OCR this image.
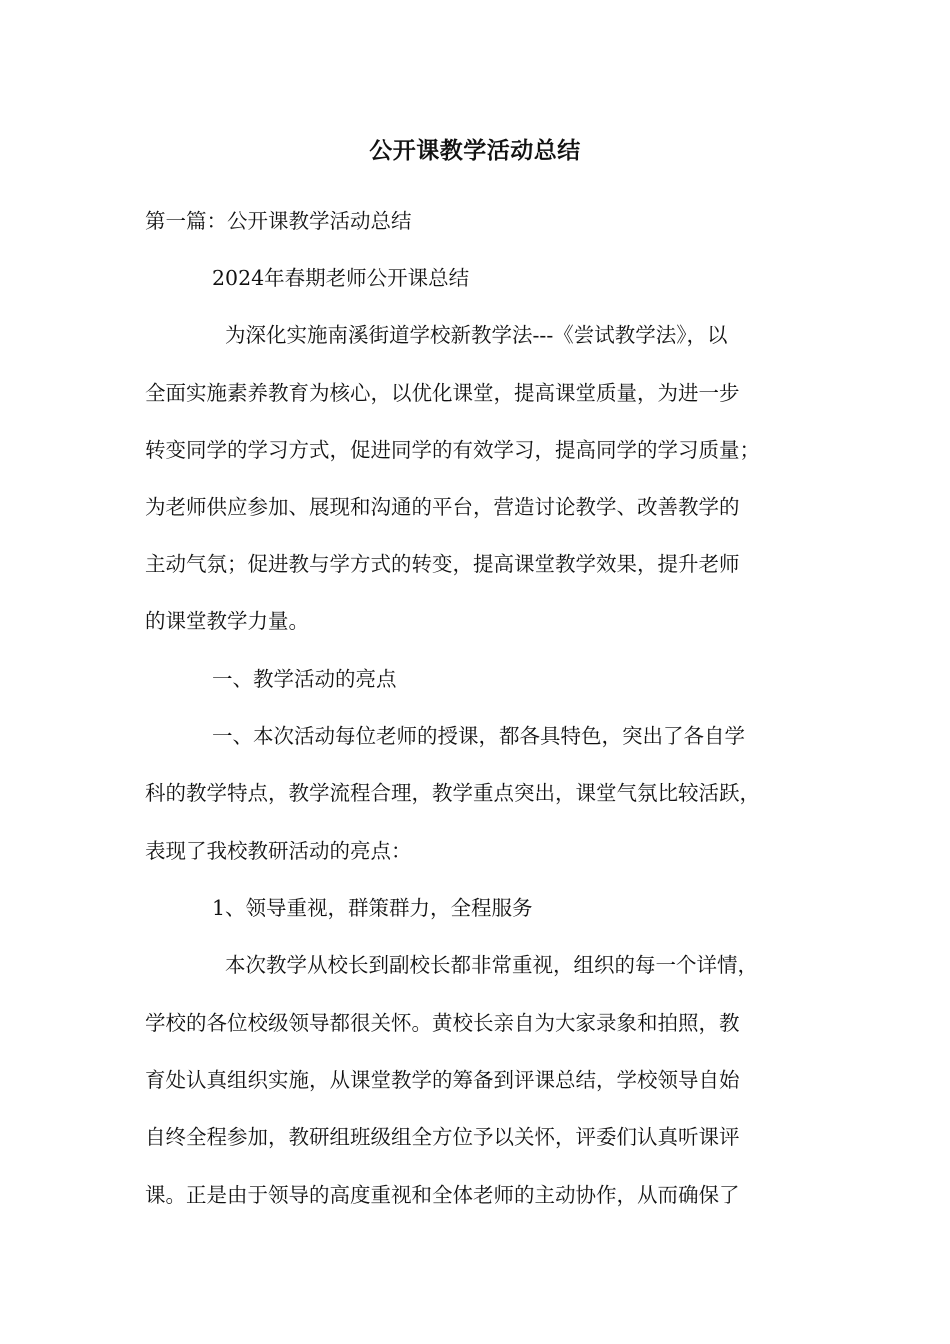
公开课教学活动总结

第一篇：公开课教学活动总结

2024年春期老师公开课总结

为深化实施南溪街道学校新教学法---《尝试教学法》，以

全面实施素养教育为核心，以优化课堂，提高课堂质量，为进一步

转变同学的学习方式，促进同学的有效学习，提高同学的学习质量；

为老师供应参加、展现和沟通的平台，营造讨论教学、改善教学的

主动气氛；促进教与学方式的转变，提高课堂教学效果，提升老师

的课堂教学力量。

一、教学活动的亮点

一、本次活动每位老师的授课，都各具特色，突出了各自学

科的教学特点，教学流程合理，教学重点突出，课堂气氛比较活跃，

表现了我校教研活动的亮点：

1、领导重视，群策群力，全程服务

本次教学从校长到副校长都非常重视，组织的每一个详情，

学校的各位校级领导都很关怀。黄校长亲自为大家录象和拍照，教

育处认真组织实施，从课堂教学的筹备到评课总结，学校领导自始

自终全程参加，教研组班级组全方位予以关怀，评委们认真听课评

课。正是由于领导的高度重视和全体老师的主动协作，从而确保了
